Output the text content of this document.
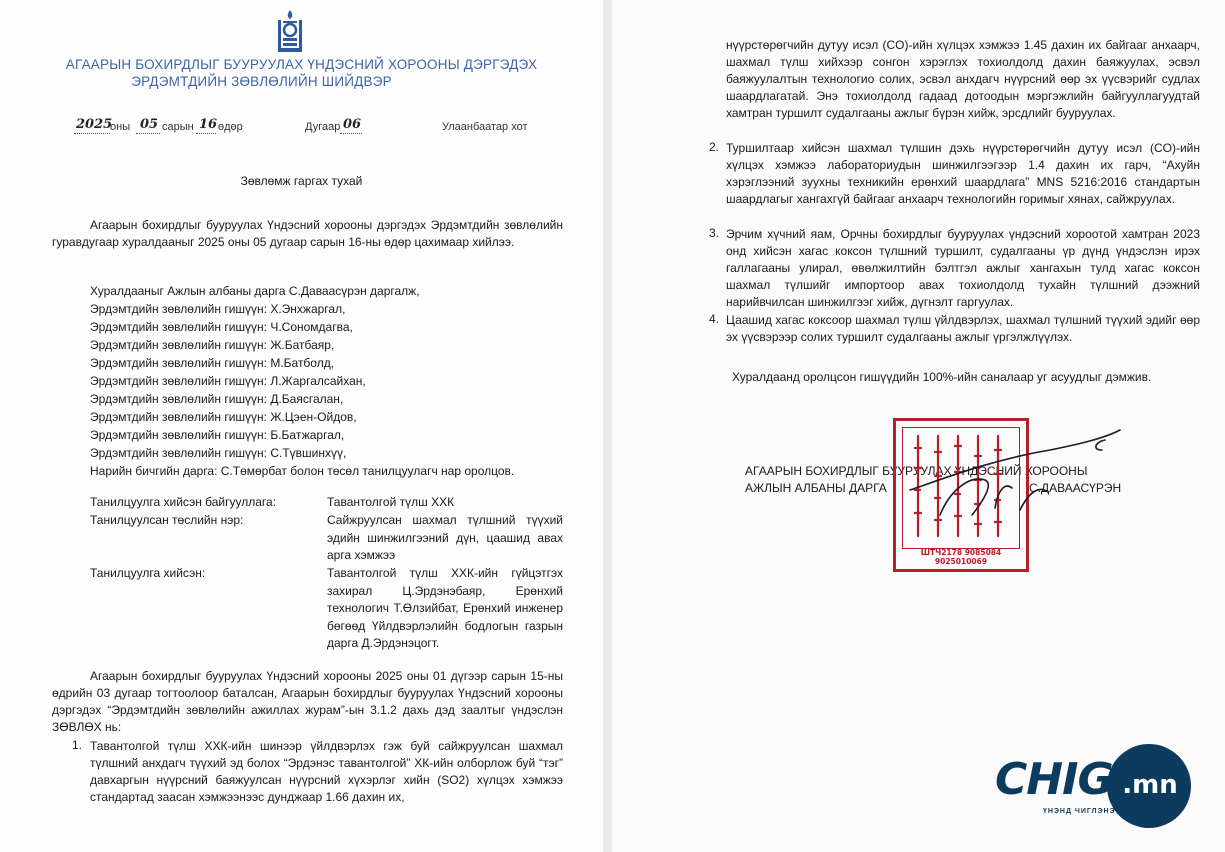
АГААРЫН БОХИРДЛЫГ БУУРУУЛАХ ҮНДЭСНИЙ ХОРООНЫ ДЭРГЭДЭХ
ЭРДЭМТДИЙН ЗӨВЛӨЛИЙН ШИЙДВЭР
2025
оны 05 сарын 16 өдөр	Дугаар 06	Улаанбаатар хот
Зөвлөмж гаргах тухай
Агаарын бохирдлыг бууруулах Үндэсний хорооны дэргэдэх Эрдэмтдийн зөвлөлийн гуравдугаар хуралдааныг 2025 оны 05 дугаар сарын 16-ны өдөр цахимаар хийлээ.
Хуралдааныг Ажлын албаны дарга С.Даваасүрэн даргалж,
Эрдэмтдийн зөвлөлийн гишүүн: Х.Энхжаргал,
Эрдэмтдийн зөвлөлийн гишүүн: Ч.Сономдагва,
Эрдэмтдийн зөвлөлийн гишүүн: Ж.Батбаяр,
Эрдэмтдийн зөвлөлийн гишүүн: М.Батболд,
Эрдэмтдийн зөвлөлийн гишүүн: Л.Жаргалсайхан,
Эрдэмтдийн зөвлөлийн гишүүн: Д.Баясгалан,
Эрдэмтдийн зөвлөлийн гишүүн: Ж.Цэен-Ойдов,
Эрдэмтдийн зөвлөлийн гишүүн: Б.Батжаргал,
Эрдэмтдийн зөвлөлийн гишүүн: С.Түвшинхүү,
Нарийн бичгийн дарга: С.Төмөрбат болон төсөл танилцуулагч нар оролцов.
Танилцуулга хийсэн байгууллага:	Тавантолгой түлш ХХК
Танилцуулсан төслийн нэр:	Сайжруулсан шахмал түлшний түүхий эдийн шинжилгээний дүн, цаашид авах арга хэмжээ
Танилцуулга хийсэн:	Тавантолгой түлш ХХК-ийн гүйцэтгэх захирал Ц.Эрдэнэбаяр, Ерөнхий технологич Т.Өлзийбат, Ерөнхий инженер бөгөөд Үйлдвэрлэлийн бодлогын газрын дарга Д.Эрдэнэцогт.
Агаарын бохирдлыг бууруулах Үндэсний хорооны 2025 оны 01 дүгээр сарын 15-ны өдрийн 03 дугаар тогтоолоор баталсан, Агаарын бохирдлыг бууруулах Үндэсний хорооны дэргэдэх “Эрдэмтдийн зөвлөлийн ажиллах журам”-ын 3.1.2 дахь дэд заалтыг үндэслэн ЗӨВЛӨХ нь:
1. Тавантолгой түлш ХХК-ийн шинээр үйлдвэрлэх гэж буй сайжруулсан шахмал түлшний анхдагч түүхий эд болох “Эрдэнэс тавантолгой” ХК-ийн олборлож буй “тэг” давхаргын нүүрсний баяжуулсан нүүрсний хүхэрлэг хийн (SO2) хүлцэх хэмжээ стандартад заасан хэмжээнээс дунджаар 1.66 дахин их,
нүүрстөрөгчийн дутуу исэл (CO)-ийн хүлцэх хэмжээ 1.45 дахин их байгааг анхаарч, шахмал түлш хийхээр сонгон хэрэглэх тохиолдолд дахин баяжуулах, эсвэл баяжуулалтын технологио солих, эсвэл анхдагч нүүрсний өөр эх үүсвэрийг судлах шаардлагатай. Энэ тохиолдолд гадаад дотоодын мэргэжлийн байгууллагуудтай хамтран туршилт судалгааны ажлыг бүрэн хийж, эрсдлийг бууруулах.
2. Туршилтаар хийсэн шахмал түлшин дэхь нүүрстөрөгчийн дутуу исэл (CO)-ийн хүлцэх хэмжээ лабораториудын шинжилгээгээр 1.4 дахин их гарч, “Ахуйн хэрэглээний зуухны техникийн ерөнхий шаардлага” MNS 5216:2016 стандартын шаардлагыг хангахгүй байгааг анхаарч технологийн горимыг хянах, сайжруулах.
3. Эрчим хүчний яам, Орчны бохирдлыг бууруулах үндэсний хороотой хамтран 2023 онд хийсэн хагас коксон түлшний туршилт, судалгааны үр дүнд үндэслэн ирэх галлагааны улирал, өвөлжилтийн бэлтгэл ажлыг хангахын тулд хагас коксон шахмал түлшийг импортоор авах тохиолдолд тухайн түлшний дээжний нарийвчилсан шинжилгээг хийж, дүгнэлт гаргуулах.
4. Цаашид хагас коксоор шахмал түлш үйлдвэрлэх, шахмал түлшний түүхий эдийг өөр эх үүсвэрээр солих туршилт судалгааны ажлыг үргэлжлүүлэх.
Хуралдаанд оролцсон гишүүдийн 100%-ийн саналаар уг асуудлыг дэмжив.
АГААРЫН БОХИРДЛЫГ БУУРУУЛАХ ҮНДЭСНИЙ ХОРООНЫ
АЖЛЫН АЛБАНЫ ДАРГА	С.ДАВААСҮРЭН
ШТЧ2178 9085084 9025010069
CHIG .mn
ҮНЭНД ЧИГЛЭНЭ
